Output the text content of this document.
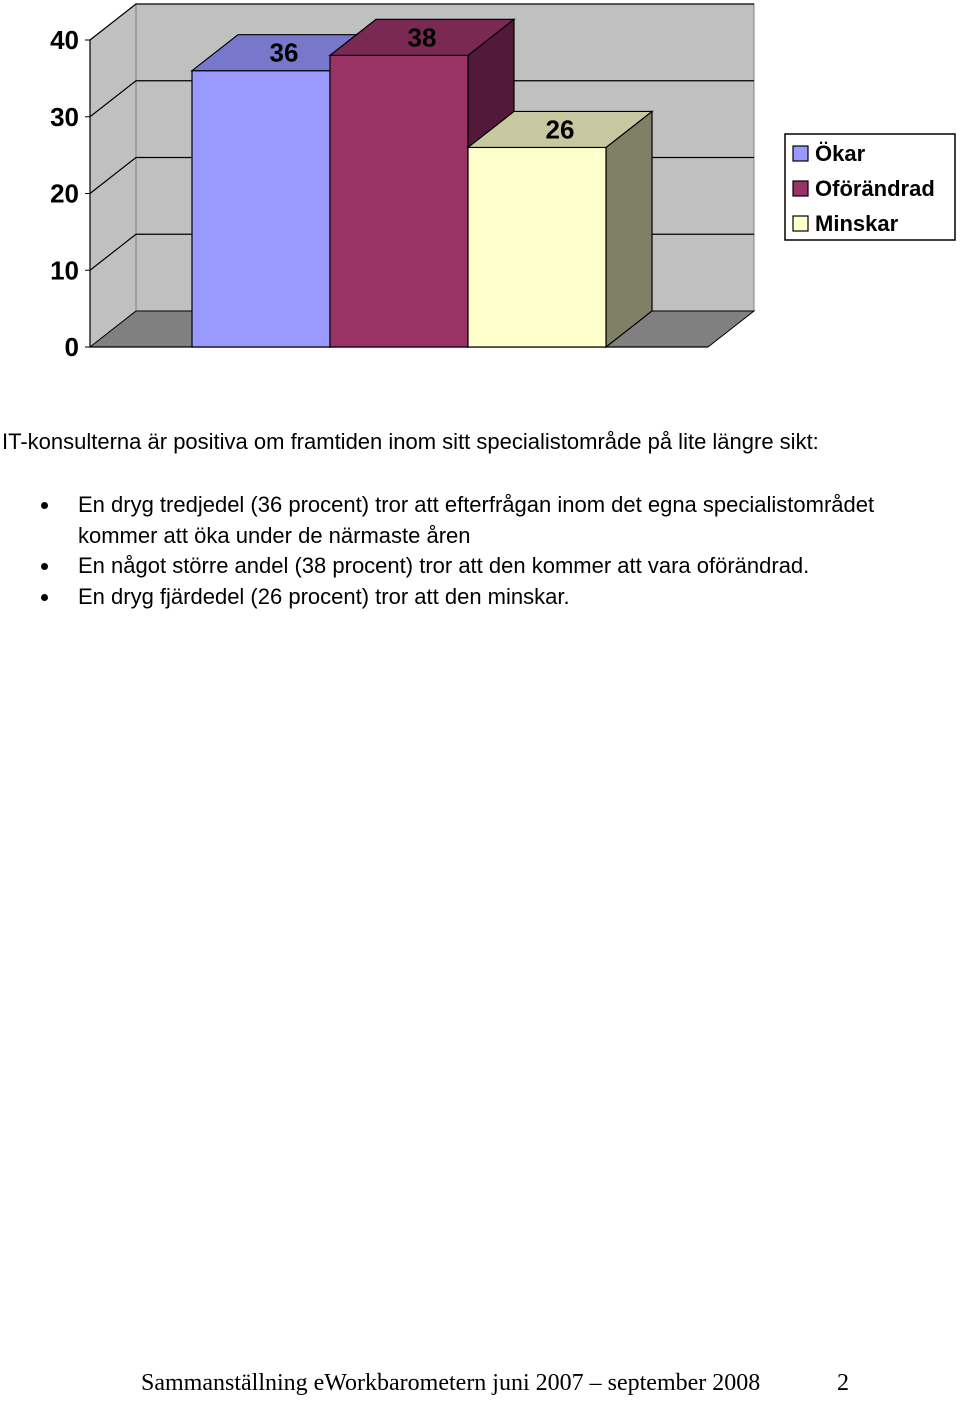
0
10
20
30
40	36
38
26
Ökar
Oförändrad
Minskar

IT-konsulterna är positiva om framtiden inom sitt specialistområde på lite längre sikt:

En dryg tredjedel (36 procent) tror att efterfrågan inom det egna specialistområdet kommer att öka under de närmaste åren
En något större andel (38 procent) tror att den kommer att vara oförändrad.
En dryg fjärdedel (26 procent) tror att den minskar.
Sammanställning eWorkbarometern juni 2007 – september 2008	2
